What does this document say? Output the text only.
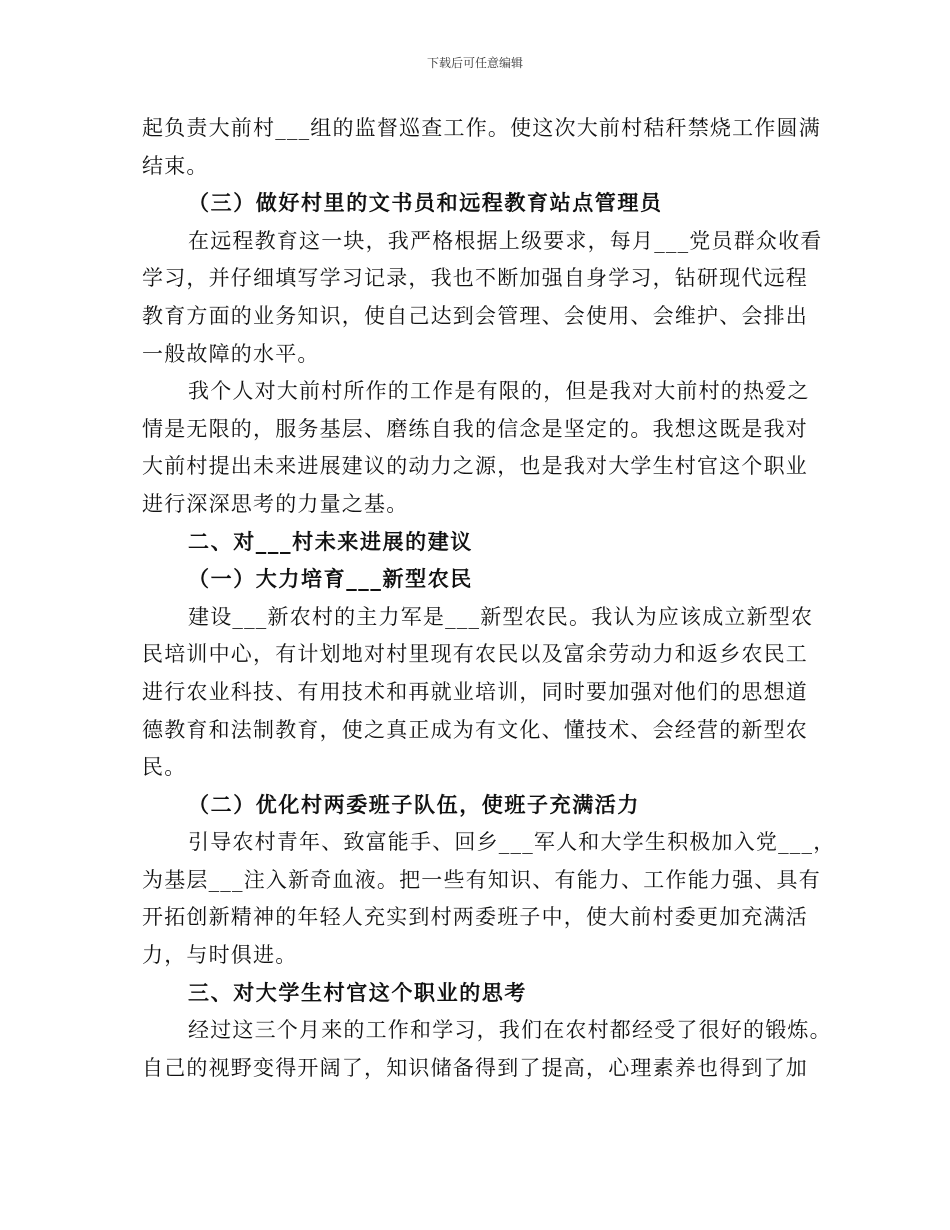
下载后可任意编辑
起负责大前村___组的监督巡查工作。使这次大前村秸秆禁烧工作圆满
结束。
（三）做好村里的文书员和远程教育站点管理员
在远程教育这一块，我严格根据上级要求，每月___党员群众收看
学习，并仔细填写学习记录，我也不断加强自身学习，钻研现代远程
教育方面的业务知识，使自己达到会管理、会使用、会维护、会排出
一般故障的水平。
我个人对大前村所作的工作是有限的，但是我对大前村的热爱之
情是无限的，服务基层、磨练自我的信念是坚定的。我想这既是我对
大前村提出未来进展建议的动力之源，也是我对大学生村官这个职业
进行深深思考的力量之基。
二、对___村未来进展的建议
（一）大力培育___新型农民
建设___新农村的主力军是___新型农民。我认为应该成立新型农
民培训中心，有计划地对村里现有农民以及富余劳动力和返乡农民工
进行农业科技、有用技术和再就业培训，同时要加强对他们的思想道
德教育和法制教育，使之真正成为有文化、懂技术、会经营的新型农
民。
（二）优化村两委班子队伍，使班子充满活力
引导农村青年、致富能手、回乡___军人和大学生积极加入党___，
为基层___注入新奇血液。把一些有知识、有能力、工作能力强、具有
开拓创新精神的年轻人充实到村两委班子中，使大前村委更加充满活
力，与时俱进。
三、对大学生村官这个职业的思考
经过这三个月来的工作和学习，我们在农村都经受了很好的锻炼。
自己的视野变得开阔了，知识储备得到了提高，心理素养也得到了加
